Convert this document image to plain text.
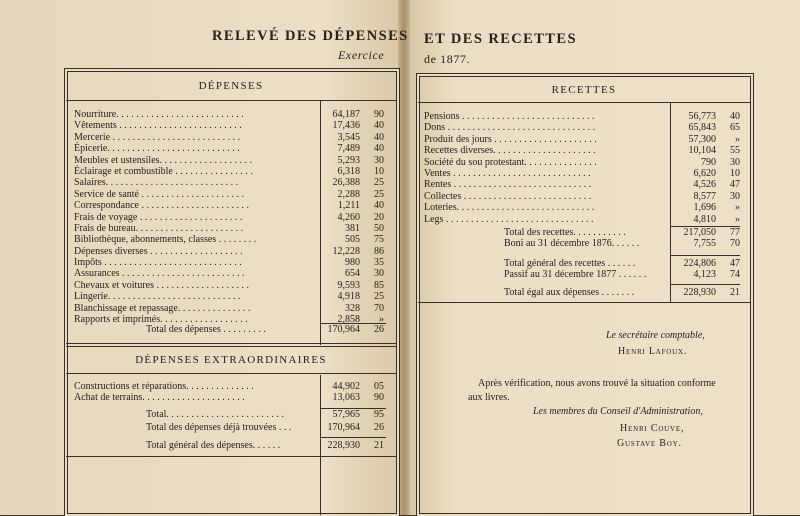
RELEVÉ DES DÉPENSES
Exercice
ET DES RECETTES
de 1877.
DÉPENSES
Nourriture. . . . . . . . . . . . . . . . . . . . . . . . . .	64,187 90
Vêtements . . . . . . . . . . . . . . . . . . . . . . . . .	17,436 40
Mercerie . . . . . . . . . . . . . . . . . . . . . . . . . .	3,545 40
Épicerie. . . . . . . . . . . . . . . . . . . . . . . . . . .	7,489 40
Meubles et ustensiles. . . . . . . . . . . . . . . . . . .	5,293 30
Éclairage et combustible . . . . . . . . . . . . . . . .	6,318 10
Salaires. . . . . . . . . . . . . . . . . . . . . . . . . . .	26,388 25
Service de santé . . . . . . . . . . . . . . . . . . . . .	2,288 25
Correspondance . . . . . . . . . . . . . . . . . . . . . .	1,211 40
Frais de voyage . . . . . . . . . . . . . . . . . . . . .	4,260 20
Frais de bureau. . . . . . . . . . . . . . . . . . . . . .	381 50
Bibliothèque, abonnements, classes . . . . . . . .	505 75
Dépenses diverses . . . . . . . . . . . . . . . . . . .	12,228 86
Impôts . . . . . . . . . . . . . . . . . . . . . . . . . . . .	980 35
Assurances . . . . . . . . . . . . . . . . . . . . . . . . .	654 30
Chevaux et voitures . . . . . . . . . . . . . . . . . . .	9,593 85
Lingerie. . . . . . . . . . . . . . . . . . . . . . . . . . .	4,918 25
Blanchissage et repassage. . . . . . . . . . . . . . .	328 70
Rapports et imprimés. . . . . . . . . . . . . . . . . .	2,858 »
Total des dépenses . . . . . . . . .	170,964 26
DÉPENSES EXTRAORDINAIRES
Constructions et réparations. . . . . . . . . . . . . .	44,902 05
Achat de terrains. . . . . . . . . . . . . . . . . . . . .	13,063 90
Total. . . . . . . . . . . . . . . . . . . . . . . .	57,965 95
Total des dépenses déjà trouvées . . .	170,964 26
Total général des dépenses. . . . . .	228,930 21
RECETTES
Pensions . . . . . . . . . . . . . . . . . . . . . . . . . . .	56,773 40
Dons . . . . . . . . . . . . . . . . . . . . . . . . . . . . . .	65,843 65
Produit des jours . . . . . . . . . . . . . . . . . . . . .	57,300 »
Recettes diverses. . . . . . . . . . . . . . . . . . . . .	10,104 55
Société du sou protestant. . . . . . . . . . . . . . .	790 30
Ventes . . . . . . . . . . . . . . . . . . . . . . . . . . . .	6,620 10
Rentes . . . . . . . . . . . . . . . . . . . . . . . . . . . .	4,526 47
Collectes . . . . . . . . . . . . . . . . . . . . . . . . . .	8,577 30
Loteries. . . . . . . . . . . . . . . . . . . . . . . . . . . .	1,696 »
Legs . . . . . . . . . . . . . . . . . . . . . . . . . . . . . .	4,810 »
Total des recettes. . . . . . . . . . .	217,050 77
Boni au 31 décembre 1876. . . . . .	7,755 70
Total général des recettes . . . . . .	224,806 47
Passif au 31 décembre 1877 . . . . . .	4,123 74
Total égal aux dépenses . . . . . . .	228,930 21
Le secrétaire comptable,
Henri Lafoux.
Après vérification, nous avons trouvé la situation conforme
aux livres.
Les membres du Conseil d'Administration,
Henri Couve,
Gustave Boy.
